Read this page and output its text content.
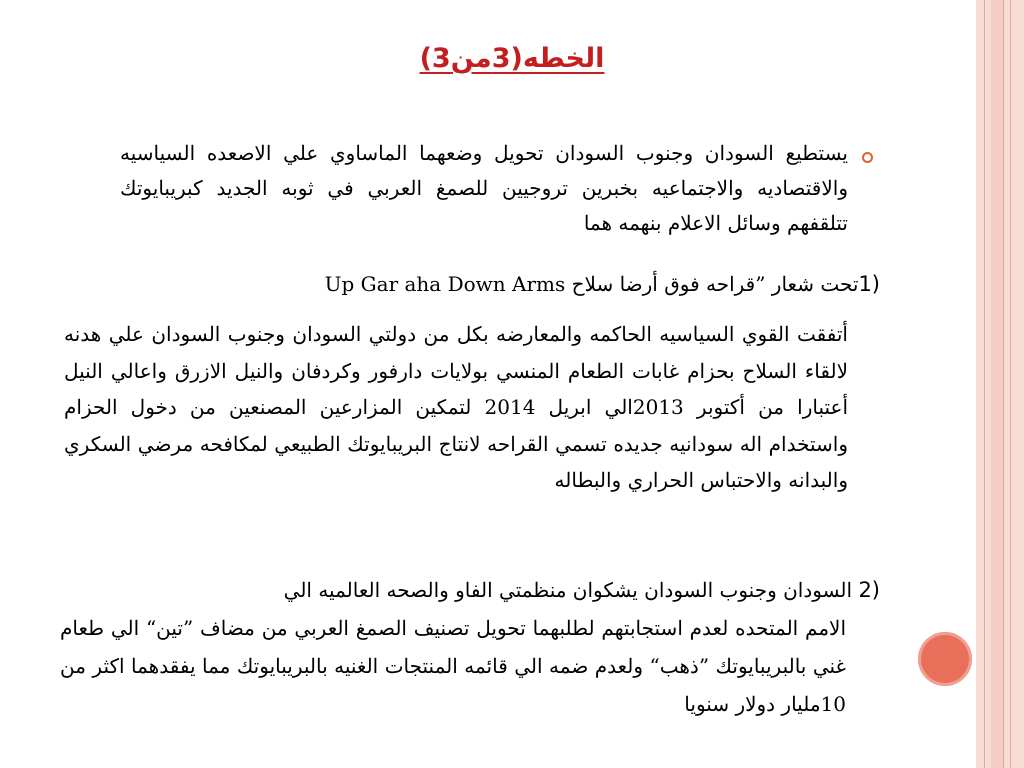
الخطه(3من3)
يستطيع السودان وجنوب السودان تحويل وضعهما الماساوي علي الاصعده السياسيه والاقتصاديه والاجتماعيه بخبرين تروجيين للصمغ العربي في ثوبه الجديد كبريبايوتك تتلقفهم وسائل الاعلام بنهمه هما
1)تحت شعار ”قراحه فوق أرضا سلاح Up Gar aha Down Arms
أتفقت القوي السياسيه الحاكمه والمعارضه بكل من دولتي السودان وجنوب السودان علي هدنه لالقاء السلاح بحزام غابات الطعام المنسي بولايات دارفور وكردفان والنيل الازرق واعالي النيل أعتبارا من أكتوبر 2013الي ابريل 2014 لتمكين المزارعين المصنعين من دخول الحزام واستخدام اله سودانيه جديده تسمي القراحه لانتاج البريبايوتك الطبيعي لمكافحه مرضي السكري والبدانه والاحتباس الحراري والبطاله
2) السودان وجنوب السودان يشكوان منظمتي الفاو والصحه العالميه الي
الامم المتحده لعدم استجابتهم لطلبهما تحويل تصنيف الصمغ العربي من مضاف ”تين“ الي طعام غني بالبريبايوتك ”ذهب“ ولعدم ضمه الي قائمه المنتجات الغنيه بالبريبايوتك مما يفقدهما اكثر من 10مليار دولار سنويا
